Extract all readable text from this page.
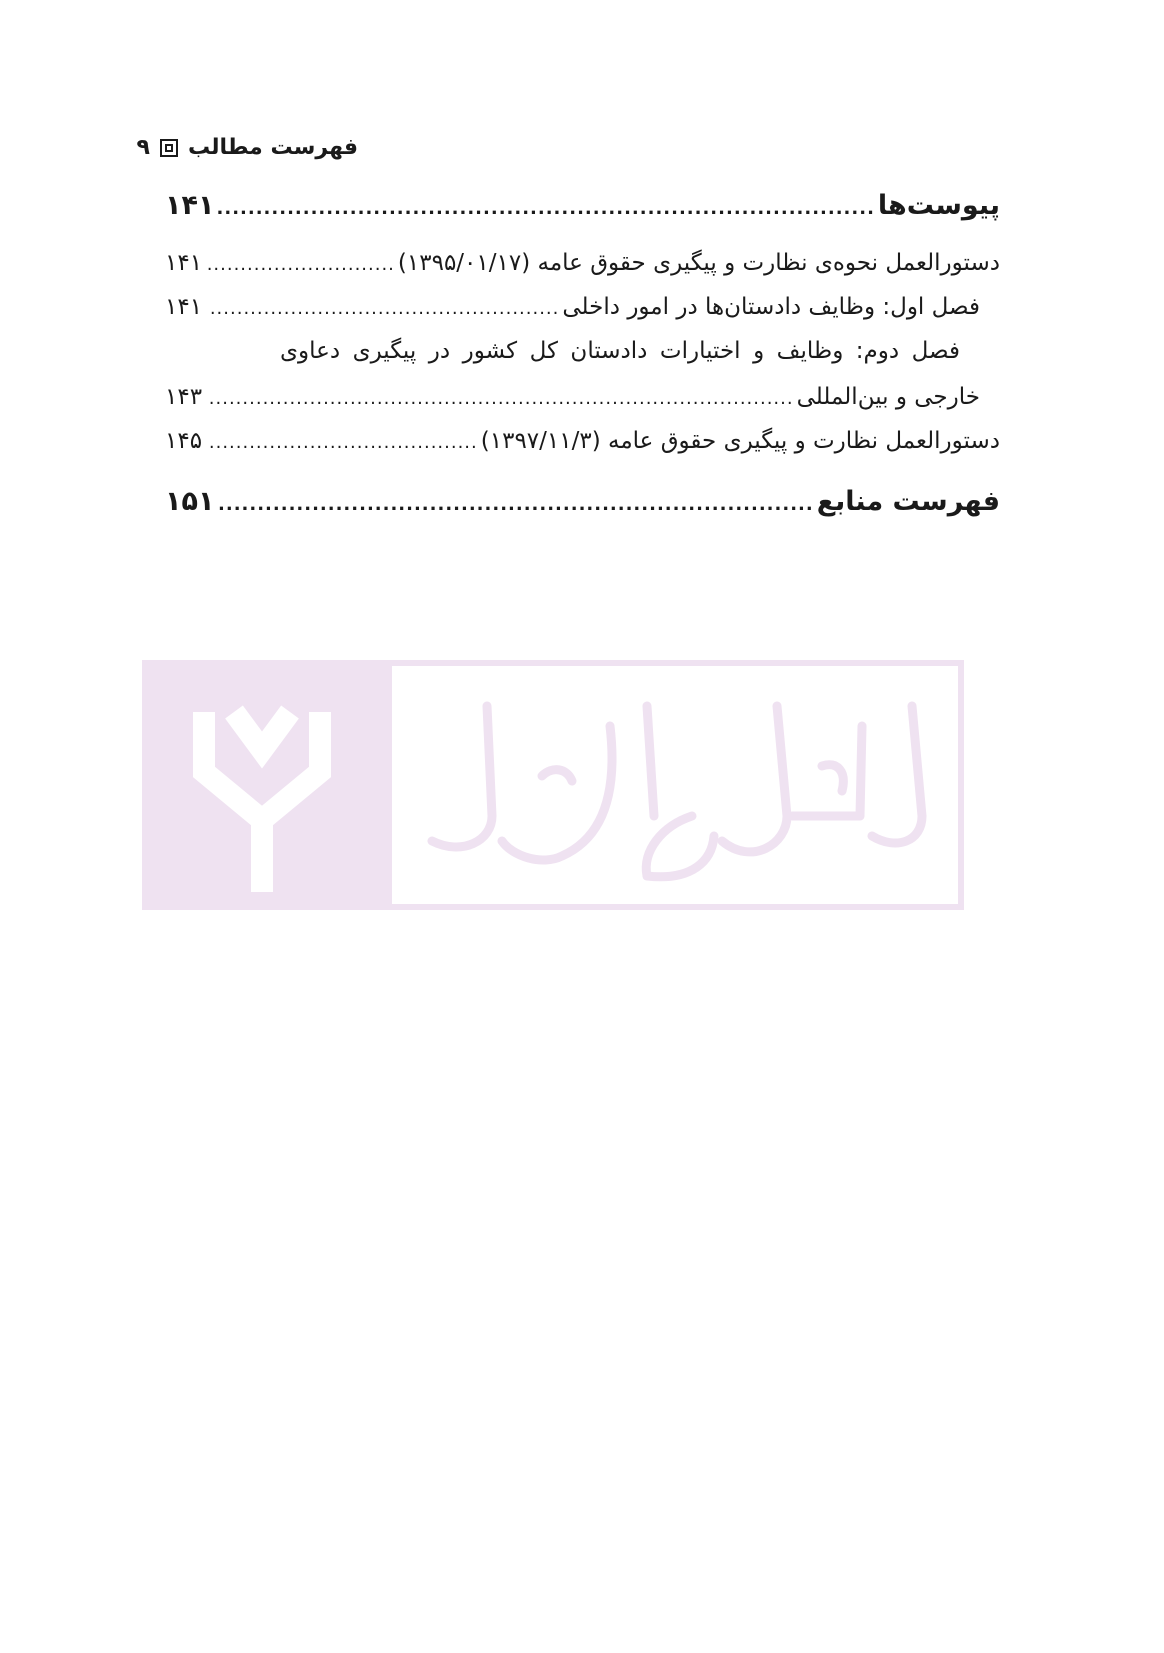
فهرست مطالب
۹
پیوست‌ها
.....
۱۴۱
دستورالعمل نحوه‌ی نظارت و پیگیری حقوق عامه (۱۳۹۵/۰۱/۱۷)
.....
۱۴۱
فصل اول: وظایف دادستان‌ها در امور داخلی
.....
۱۴۱
فصل دوم: وظایف و اختیارات دادستان کل کشور در پیگیری دعاوی
خارجی و بین‌المللی
.....
۱۴۳
دستورالعمل نظارت و پیگیری حقوق عامه (۱۳۹۷/۱۱/۳)
.....
۱۴۵
فهرست منابع
.....
۱۵۱
